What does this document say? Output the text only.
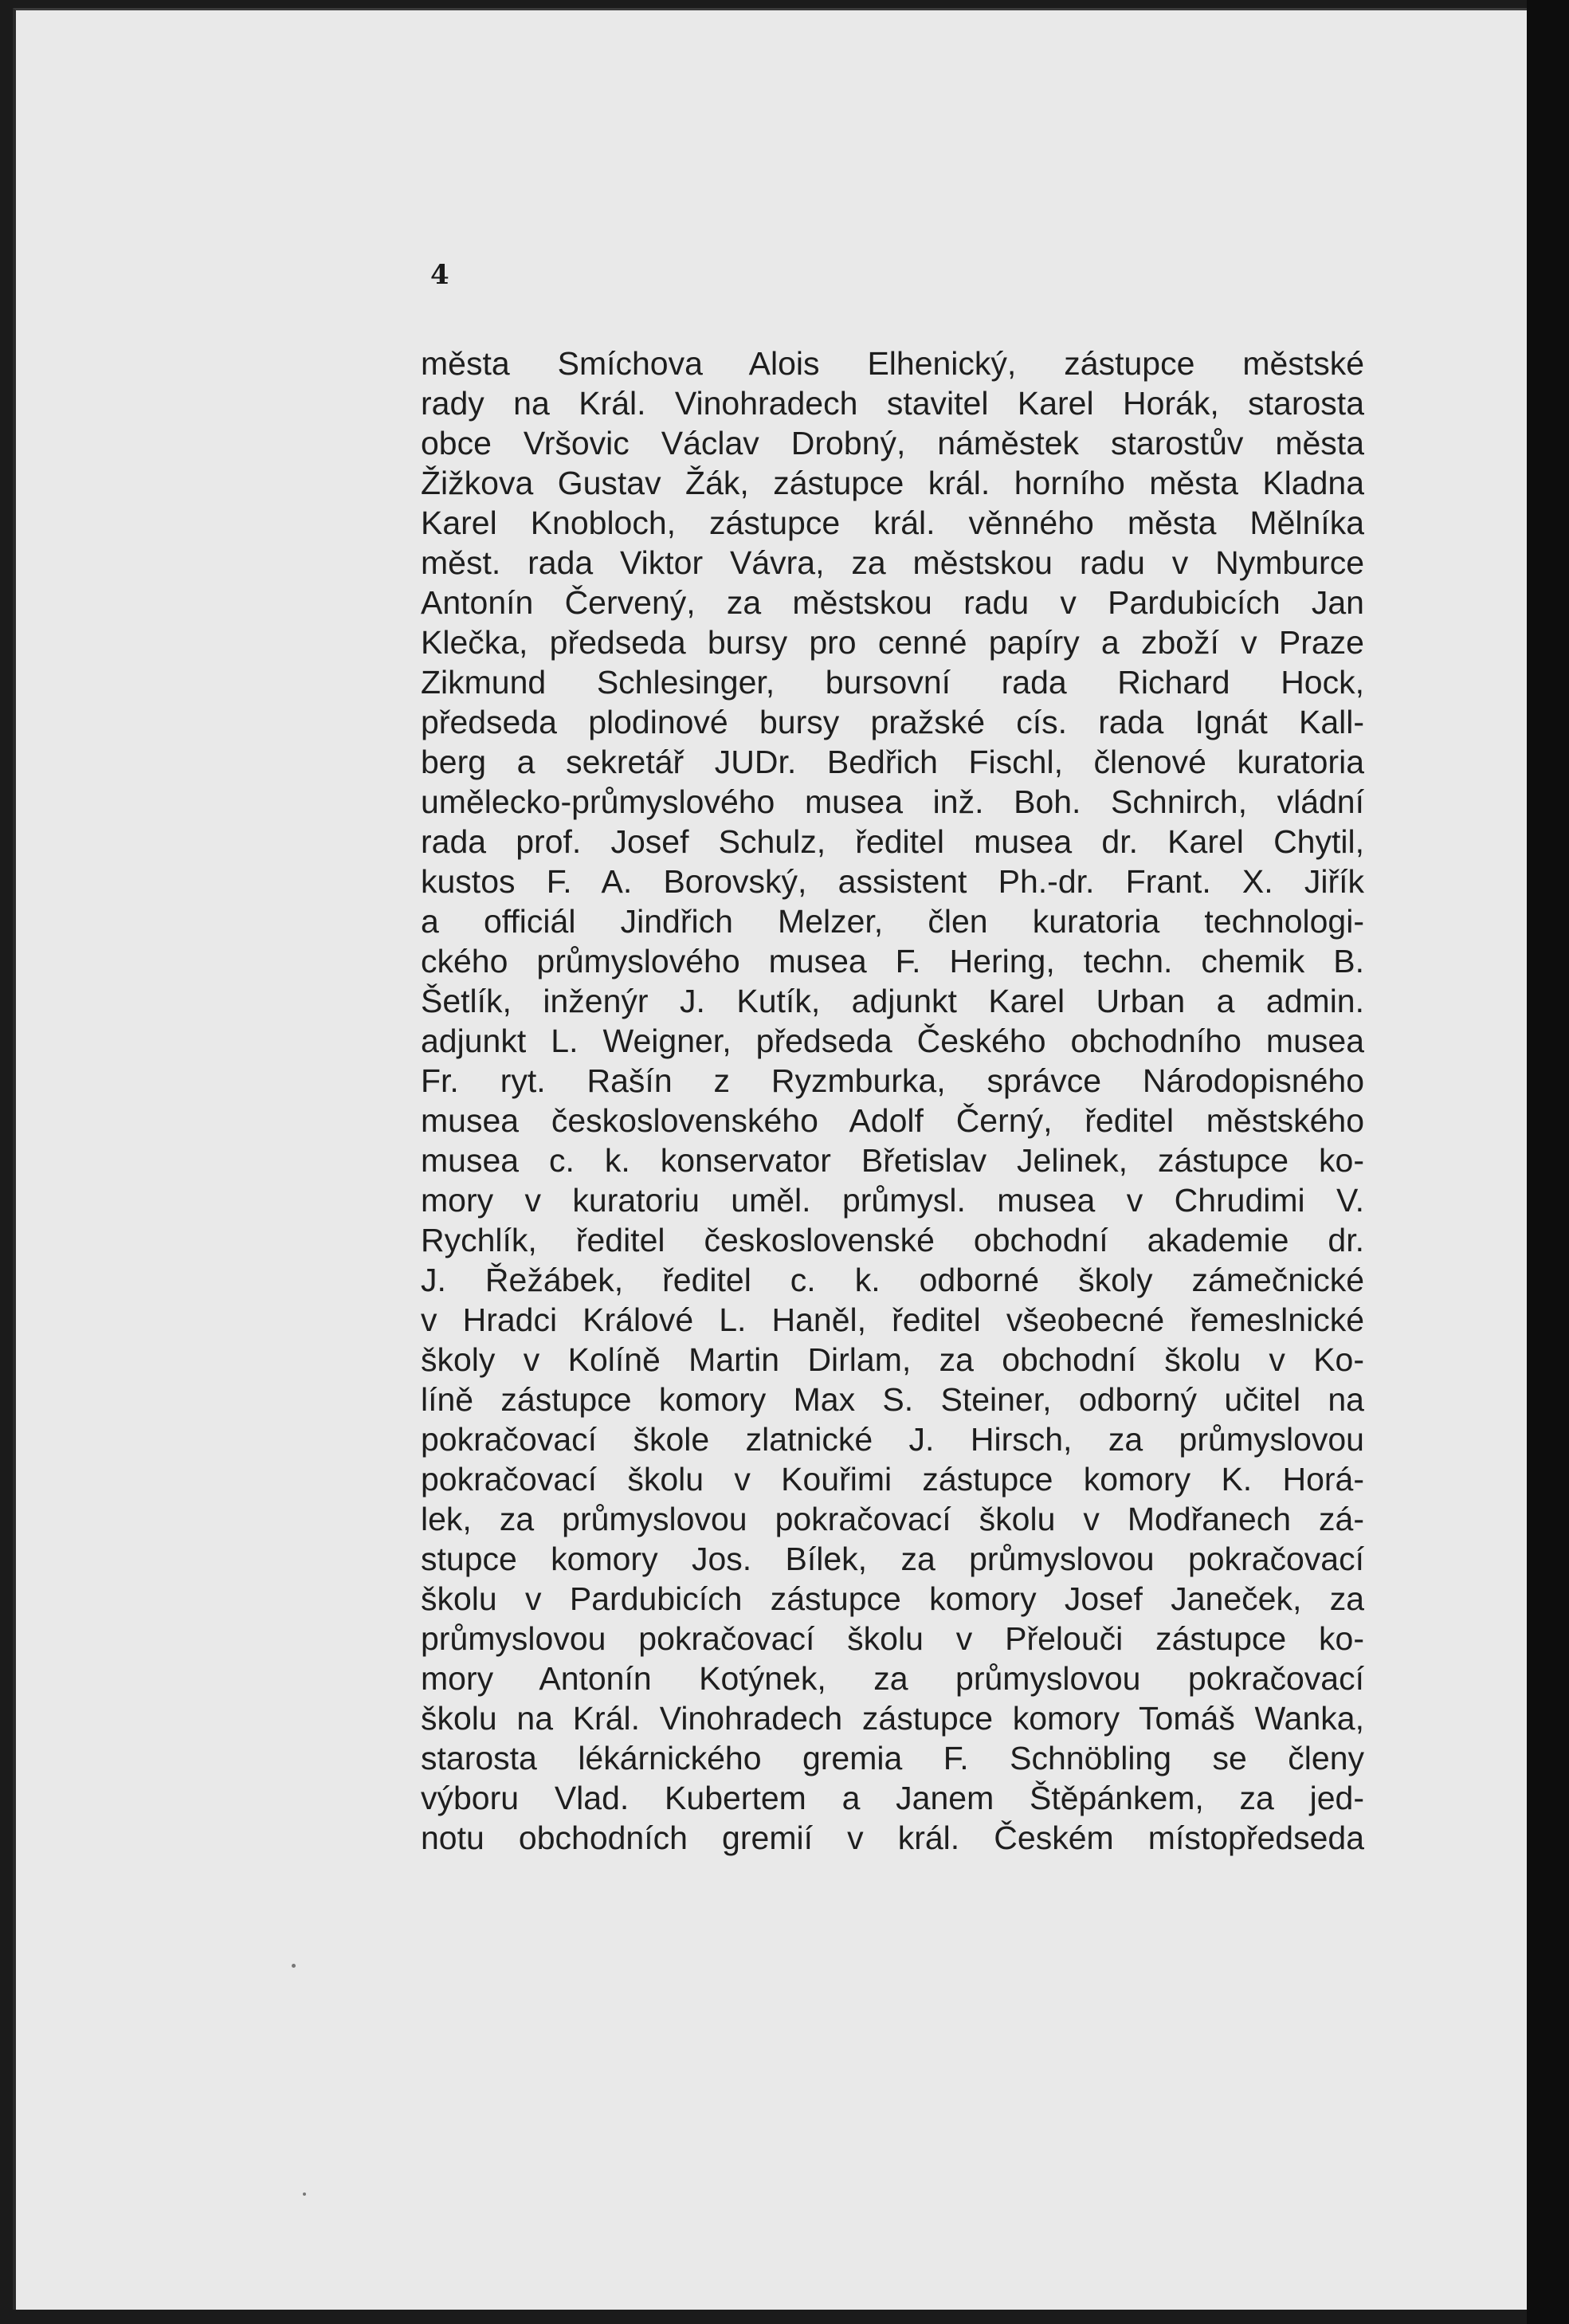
4
města Smíchova Alois Elhenický, zástupce městské
rady na Král. Vinohradech stavitel Karel Horák, starosta
obce Vršovic Václav Drobný, náměstek starostův města
Žižkova Gustav Žák, zástupce král. horního města Kladna
Karel Knobloch, zástupce král. věnného města Mělníka
měst. rada Viktor Vávra, za městskou radu v Nymburce
Antonín Červený, za městskou radu v Pardubicích Jan
Klečka, předseda bursy pro cenné papíry a zboží v Praze
Zikmund Schlesinger, bursovní rada Richard Hock,
předseda plodinové bursy pražské cís. rada Ignát Kall-
berg a sekretář JUDr. Bedřich Fischl, členové kuratoria
umělecko-průmyslového musea inž. Boh. Schnirch, vládní
rada prof. Josef Schulz, ředitel musea dr. Karel Chytil,
kustos F. A. Borovský, assistent Ph.-dr. Frant. X. Jiřík
a officiál Jindřich Melzer, člen kuratoria technologi-
ckého průmyslového musea F. Hering, techn. chemik B.
Šetlík, inženýr J. Kutík, adjunkt Karel Urban a admin.
adjunkt L. Weigner, předseda Českého obchodního musea
Fr. ryt. Rašín z Ryzmburka, správce Národopisného
musea československého Adolf Černý, ředitel městského
musea c. k. konservator Břetislav Jelinek, zástupce ko-
mory v kuratoriu uměl. průmysl. musea v Chrudimi V.
Rychlík, ředitel československé obchodní akademie dr.
J. Řežábek, ředitel c. k. odborné školy zámečnické
v Hradci Králové L. Haněl, ředitel všeobecné řemeslnické
školy v Kolíně Martin Dirlam, za obchodní školu v Ko-
líně zástupce komory Max S. Steiner, odborný učitel na
pokračovací škole zlatnické J. Hirsch, za průmyslovou
pokračovací školu v Kouřimi zástupce komory K. Horá-
lek, za průmyslovou pokračovací školu v Modřanech zá-
stupce komory Jos. Bílek, za průmyslovou pokračovací
školu v Pardubicích zástupce komory Josef Janeček, za
průmyslovou pokračovací školu v Přelouči zástupce ko-
mory Antonín Kotýnek, za průmyslovou pokračovací
školu na Král. Vinohradech zástupce komory Tomáš Wanka,
starosta lékárnického gremia F. Schnöbling se členy
výboru Vlad. Kubertem a Janem Štěpánkem, za jed-
notu obchodních gremií v král. Českém místopředseda
